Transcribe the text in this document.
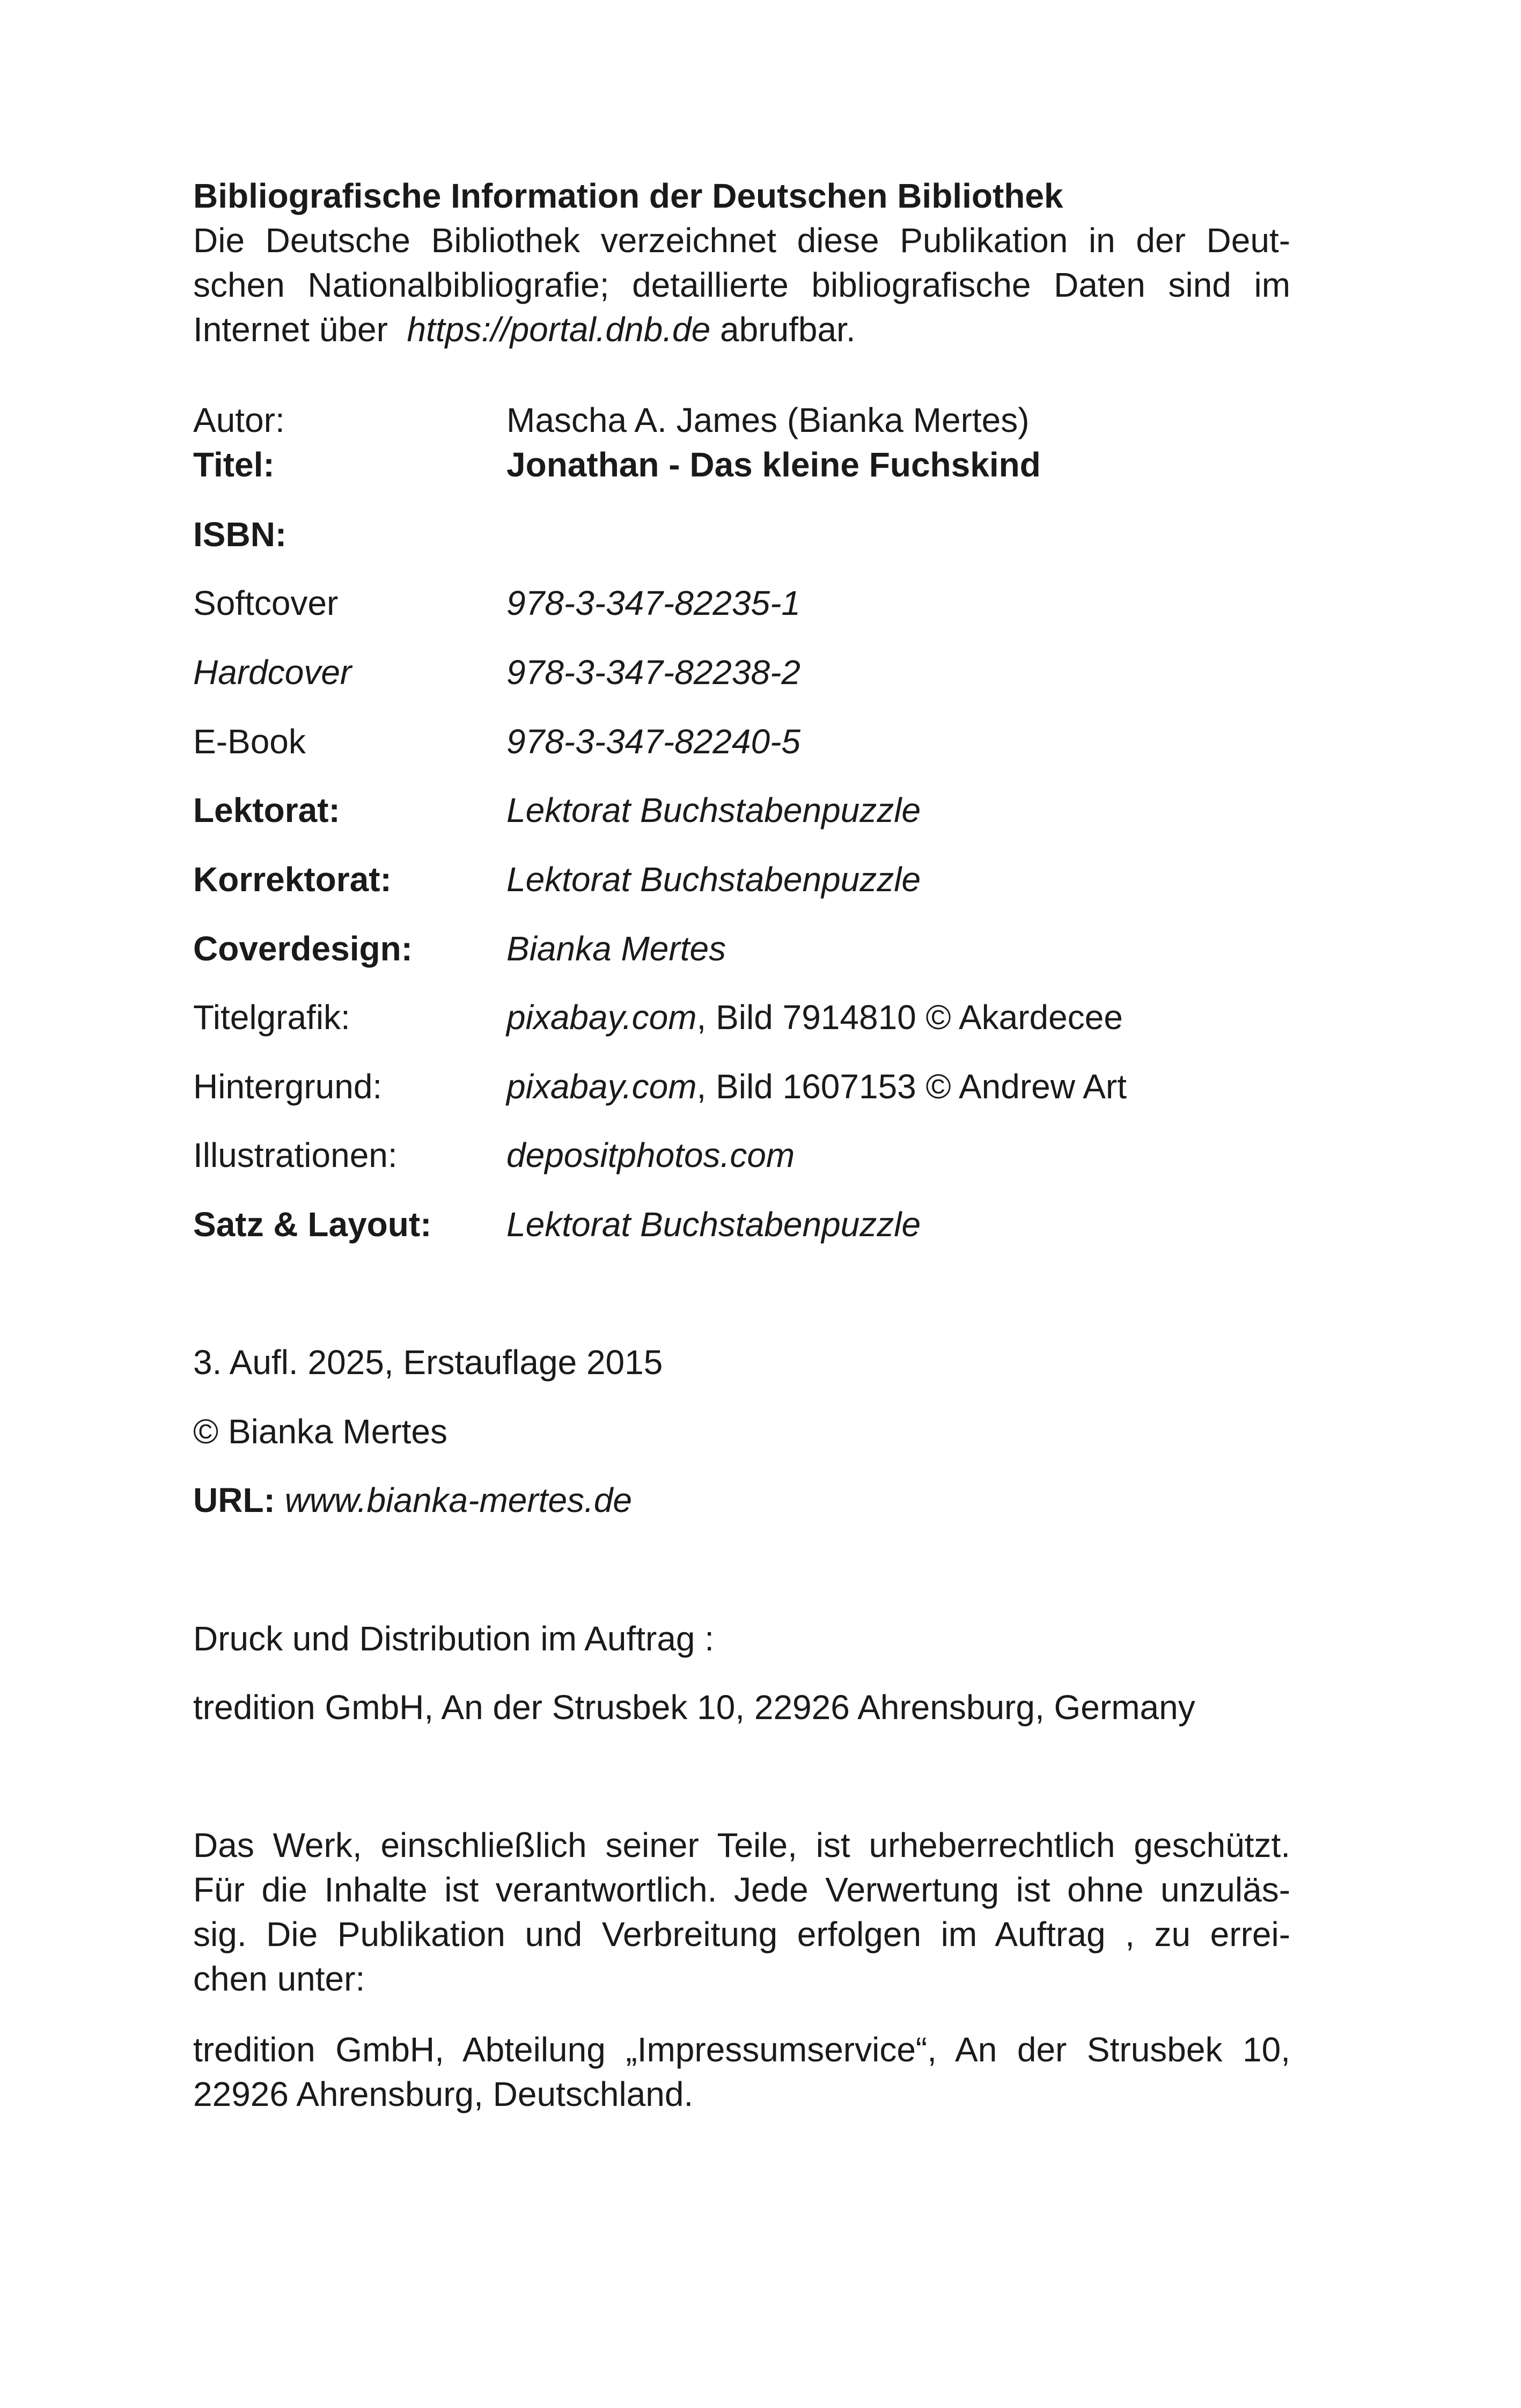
Bibliografische Information der Deutschen Bibliothek

Die Deutsche Bibliothek verzeichnet diese Publikation in der Deut-

schen Nationalbibliografie; detaillierte bibliografische Daten sind im

Internet über https://portal.dnb.de abrufbar.

Autor:	Mascha A. James (Bianka Mertes)
Titel:	Jonathan - Das kleine Fuchskind
ISBN:
Softcover	978-3-347-82235-1
Hardcover	978-3-347-82238-2
E-Book	978-3-347-82240-5
Lektorat:	Lektorat Buchstabenpuzzle
Korrektorat:	Lektorat Buchstabenpuzzle
Coverdesign:	Bianka Mertes
Titelgrafik:	pixabay.com, Bild 7914810 © Akardecee
Hintergrund:	pixabay.com, Bild 1607153 © Andrew Art
Illustrationen:	depositphotos.com
Satz & Layout: Lektorat Buchstabenpuzzle
3. Aufl. 2025, Erstauflage 2015
© Bianka Mertes
URL: www.bianka-mertes.de
Druck und Distribution im Auftrag :
tredition GmbH, An der Strusbek 10, 22926 Ahrensburg, Germany

Das Werk, einschließlich seiner Teile, ist urheberrechtlich geschützt.

Für die Inhalte ist verantwortlich. Jede Verwertung ist ohne unzuläs-

sig. Die Publikation und Verbreitung erfolgen im Auftrag , zu errei-

chen unter:

tredition GmbH, Abteilung „Impressumservice“, An der Strusbek 10,

22926 Ahrensburg, Deutschland.
